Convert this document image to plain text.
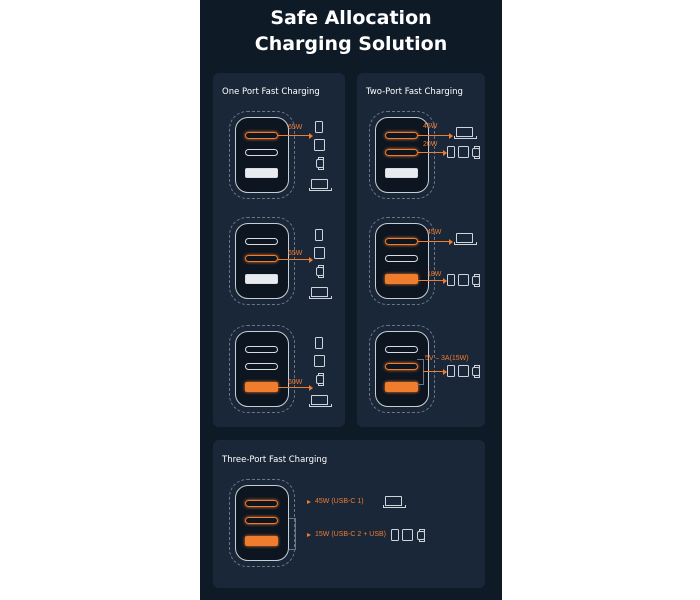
Safe Allocation
Charging Solution
One Port Fast Charging
65W
65W
60W
Two-Port Fast Charging
45W
20W
45W
18W
5V ⎯ 3A(15W)
Three-Port Fast Charging
45W (USB-C 1)
15W (USB-C 2 + USB)
